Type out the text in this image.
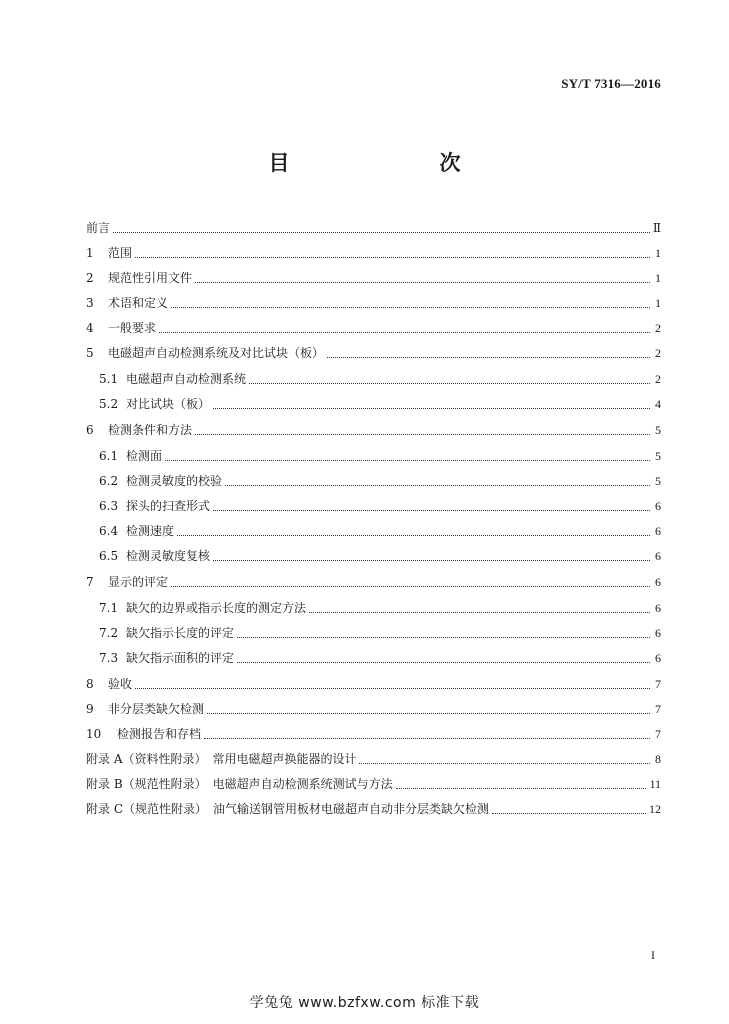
SY/T 7316—2016
目　　次
前言	Ⅱ
1	范围	1
2	规范性引用文件	1
3	术语和定义	1
4	一般要求	2
5	电磁超声自动检测系统及对比试块（板）	2
5.1 电磁超声自动检测系统	2
5.2 对比试块（板）	4
6	检测条件和方法	5
6.1 检测面	5
6.2 检测灵敏度的校验	5
6.3 探头的扫查形式	6
6.4 检测速度	6
6.5 检测灵敏度复核	6
7	显示的评定	6
7.1 缺欠的边界或指示长度的测定方法	6
7.2 缺欠指示长度的评定	6
7.3 缺欠指示面积的评定	6
8	验收	7
9	非分层类缺欠检测	7
10	检测报告和存档	7
附录 A（资料性附录）　常用电磁超声换能器的设计	8
附录 B（规范性附录）　电磁超声自动检测系统测试与方法	11
附录 C（规范性附录）　油气输送钢管用板材电磁超声自动非分层类缺欠检测	12
I
学兔兔 www.bzfxw.com 标准下载
